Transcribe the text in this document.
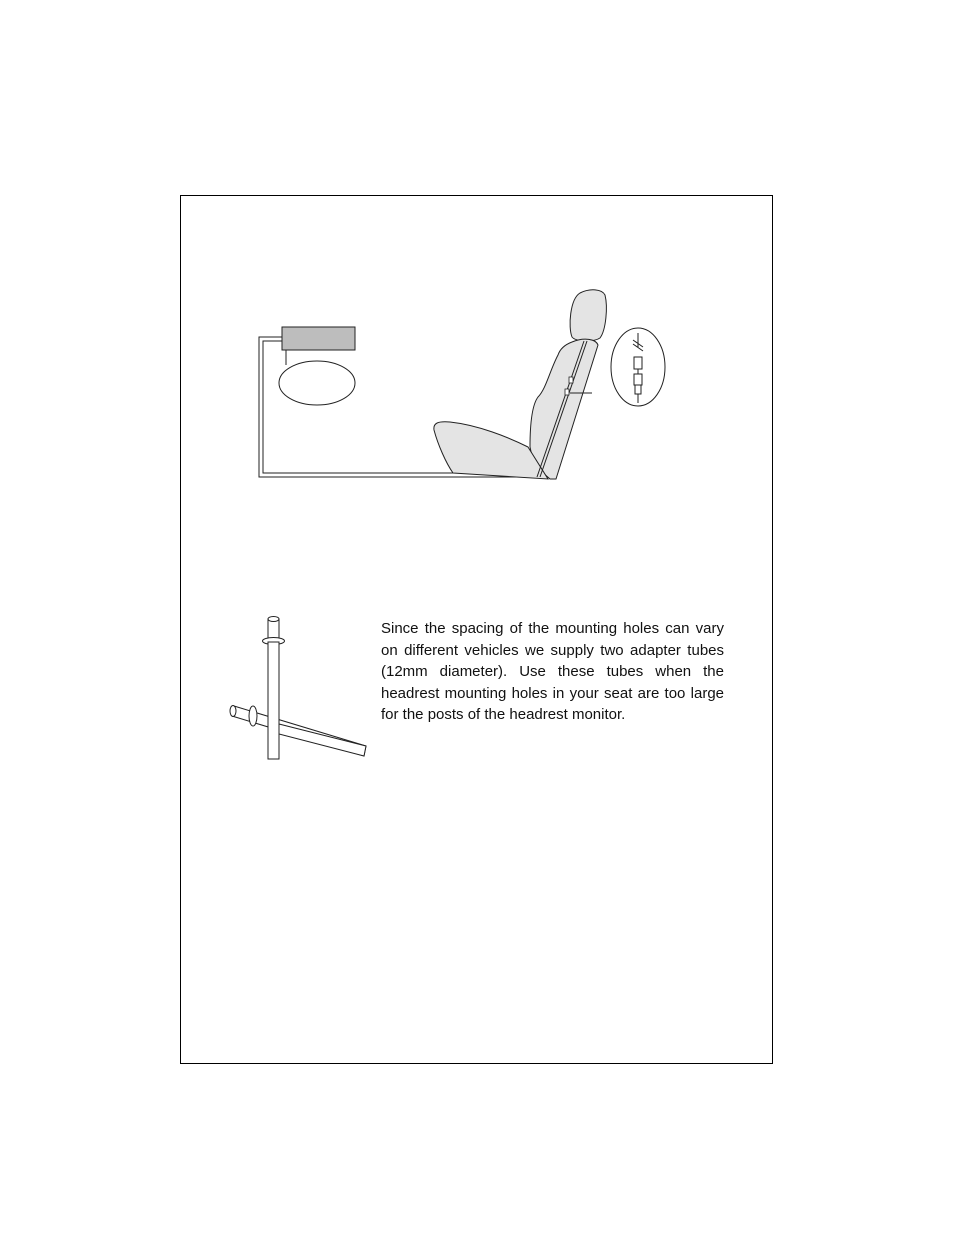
Since the spacing of the mounting holes can vary on different vehicles we supply two adapter tubes (12mm diameter). Use these tubes when the headrest mounting holes in your seat are too large for the posts of the headrest monitor.
